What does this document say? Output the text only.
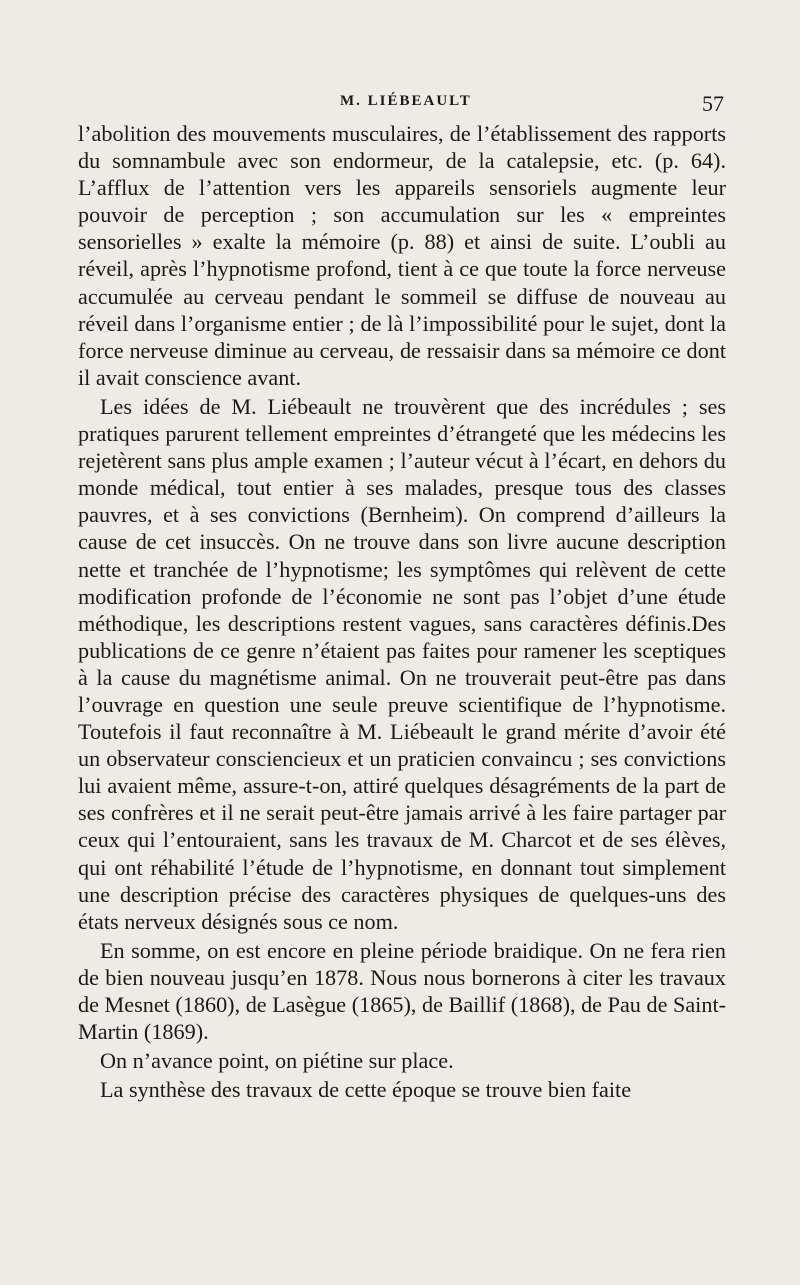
M. LIÉBEAULT	57

l’abolition des mouvements musculaires, de l’établissement des rapports du somnambule avec son endormeur, de la catalepsie, etc. (p. 64). L’afflux de l’attention vers les appareils sensoriels augmente leur pouvoir de perception ; son accumulation sur les « empreintes sensorielles » exalte la mémoire (p. 88) et ainsi de suite. L’oubli au réveil, après l’hypnotisme profond, tient à ce que toute la force nerveuse accumulée au cerveau pendant le sommeil se diffuse de nouveau au réveil dans l’organisme entier ; de là l’impossibilité pour le sujet, dont la force nerveuse diminue au cerveau, de ressaisir dans sa mémoire ce dont il avait conscience avant.

Les idées de M. Liébeault ne trouvèrent que des incrédules ; ses pratiques parurent tellement empreintes d’étrangeté que les médecins les rejetèrent sans plus ample examen ; l’auteur vécut à l’écart, en dehors du monde médical, tout entier à ses malades, presque tous des classes pauvres, et à ses convictions (Bernheim). On comprend d’ailleurs la cause de cet insuccès. On ne trouve dans son livre aucune description nette et tranchée de l’hypnotisme; les symptômes qui relèvent de cette modification profonde de l’économie ne sont pas l’objet d’une étude méthodique, les descriptions restent vagues, sans caractères définis.Des publications de ce genre n’étaient pas faites pour ramener les sceptiques à la cause du magnétisme animal. On ne trouverait peut-être pas dans l’ouvrage en question une seule preuve scientifique de l’hypnotisme. Toutefois il faut reconnaître à M. Liébeault le grand mérite d’avoir été un observateur consciencieux et un praticien convaincu ; ses convictions lui avaient même, assure-t-on, attiré quelques désagréments de la part de ses confrères et il ne serait peut-être jamais arrivé à les faire partager par ceux qui l’entouraient, sans les travaux de M. Charcot et de ses élèves, qui ont réhabilité l’étude de l’hypnotisme, en donnant tout simplement une description précise des caractères physiques de quelques-uns des états nerveux désignés sous ce nom.

En somme, on est encore en pleine période braidique. On ne fera rien de bien nouveau jusqu’en 1878. Nous nous bornerons à citer les travaux de Mesnet (1860), de Lasègue (1865), de Baillif (1868), de Pau de Saint-Martin (1869).

On n’avance point, on piétine sur place.

La synthèse des travaux de cette époque se trouve bien faite
